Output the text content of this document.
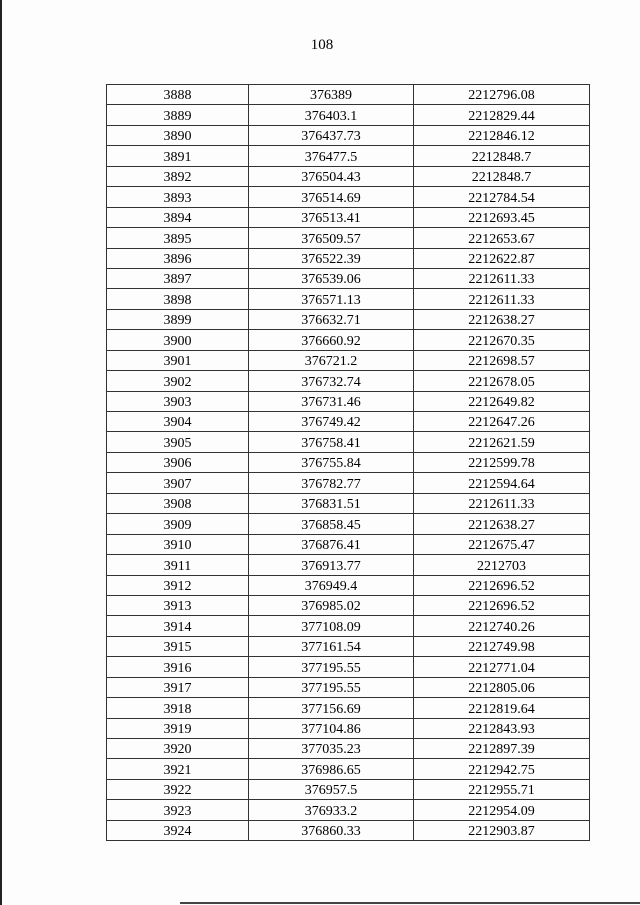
108
3888	376389	2212796.08
3889	376403.1	2212829.44
3890	376437.73	2212846.12
3891	376477.5	2212848.7
3892	376504.43	2212848.7
3893	376514.69	2212784.54
3894	376513.41	2212693.45
3895	376509.57	2212653.67
3896	376522.39	2212622.87
3897	376539.06	2212611.33
3898	376571.13	2212611.33
3899	376632.71	2212638.27
3900	376660.92	2212670.35
3901	376721.2	2212698.57
3902	376732.74	2212678.05
3903	376731.46	2212649.82
3904	376749.42	2212647.26
3905	376758.41	2212621.59
3906	376755.84	2212599.78
3907	376782.77	2212594.64
3908	376831.51	2212611.33
3909	376858.45	2212638.27
3910	376876.41	2212675.47
3911	376913.77	2212703
3912	376949.4	2212696.52
3913	376985.02	2212696.52
3914	377108.09	2212740.26
3915	377161.54	2212749.98
3916	377195.55	2212771.04
3917	377195.55	2212805.06
3918	377156.69	2212819.64
3919	377104.86	2212843.93
3920	377035.23	2212897.39
3921	376986.65	2212942.75
3922	376957.5	2212955.71
3923	376933.2	2212954.09
3924	376860.33	2212903.87
